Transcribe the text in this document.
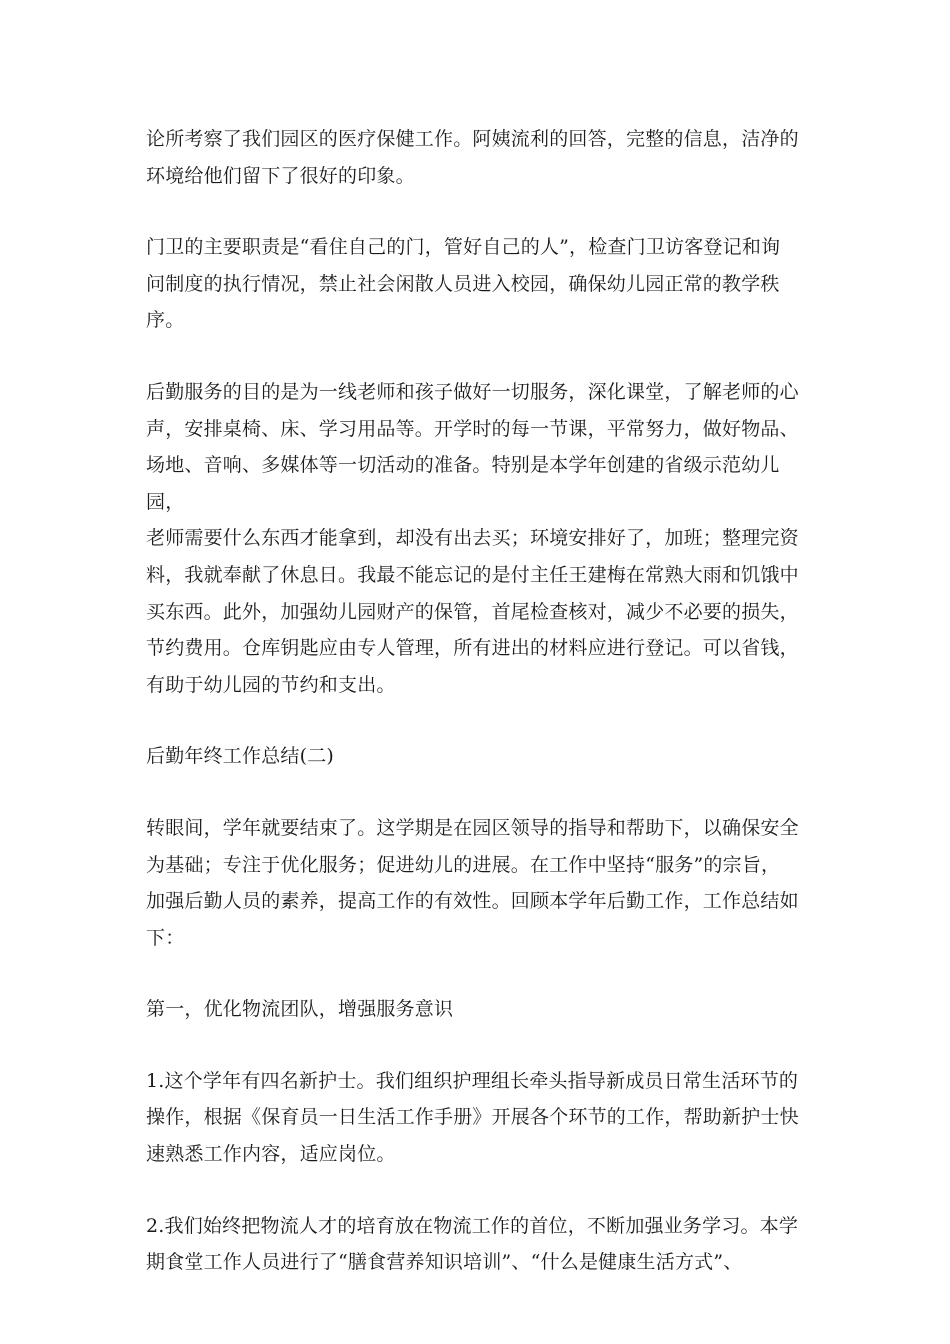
论所考察了我们园区的医疗保健工作。阿姨流利的回答，完整的信息，洁净的
环境给他们留下了很好的印象。

门卫的主要职责是“看住自己的门，管好自己的人”，检查门卫访客登记和询
问制度的执行情况，禁止社会闲散人员进入校园，确保幼儿园正常的教学秩序。

后勤服务的目的是为一线老师和孩子做好一切服务，深化课堂，了解老师的心
声，安排桌椅、床、学习用品等。开学时的每一节课，平常努力，做好物品、
场地、音响、多媒体等一切活动的准备。特别是本学年创建的省级示范幼儿园，
老师需要什么东西才能拿到，却没有出去买；环境安排好了，加班；整理完资
料，我就奉献了休息日。我最不能忘记的是付主任王建梅在常熟大雨和饥饿中
买东西。此外，加强幼儿园财产的保管，首尾检查核对，减少不必要的损失，
节约费用。仓库钥匙应由专人管理，所有进出的材料应进行登记。可以省钱，
有助于幼儿园的节约和支出。

后勤年终工作总结(二)

转眼间，学年就要结束了。这学期是在园区领导的指导和帮助下，以确保安全
为基础；专注于优化服务；促进幼儿的进展。在工作中坚持“服务”的宗旨，
加强后勤人员的素养，提高工作的有效性。回顾本学年后勤工作，工作总结如
下：

第一，优化物流团队，增强服务意识

1.这个学年有四名新护士。我们组织护理组长牵头指导新成员日常生活环节的
操作，根据《保育员一日生活工作手册》开展各个环节的工作，帮助新护士快
速熟悉工作内容，适应岗位。

2.我们始终把物流人才的培育放在物流工作的首位，不断加强业务学习。本学
期食堂工作人员进行了“膳食营养知识培训”、“什么是健康生活方式”、
